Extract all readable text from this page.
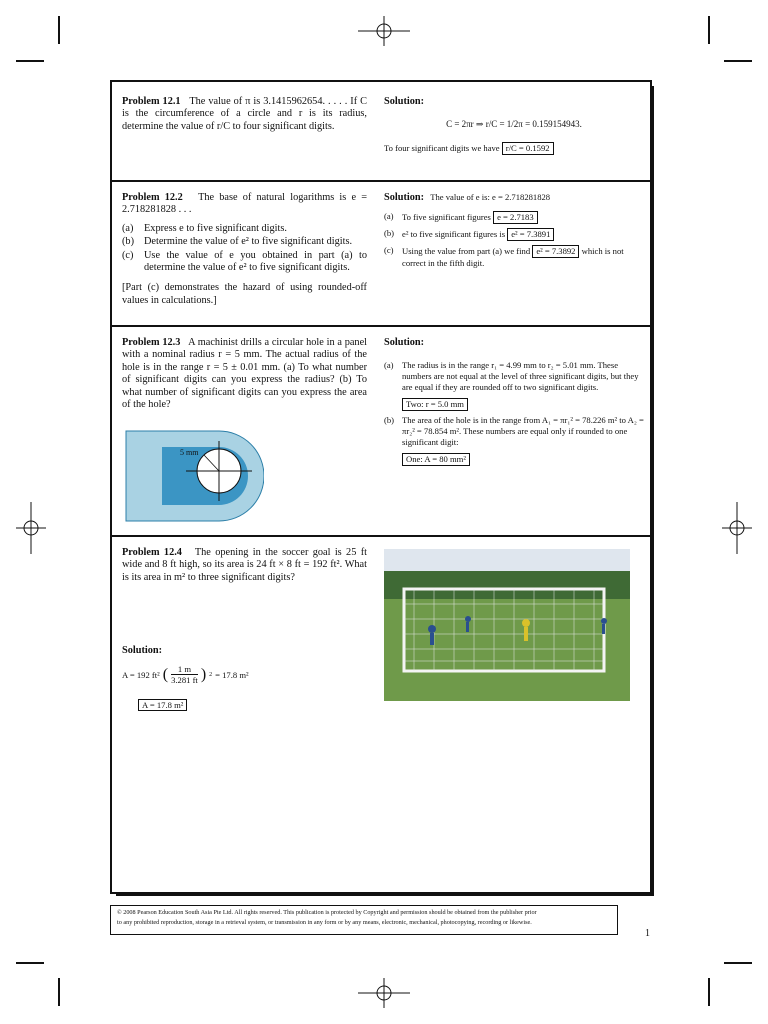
Problem 12.1 The value of π is 3.1415962654. . . . . If C is the circumference of a circle and r is its radius, determine the value of r/C to four significant digits.
Solution:
C = 2πr ⇒ r/C = 1/2π = 0.159154943.
To four significant digits we have r/C = 0.1592
Problem 12.2 The base of natural logarithms is e = 2.718281828 . . .
(a) Express e to five significant digits.
(b) Determine the value of e² to five significant digits.
(c) Use the value of e you obtained in part (a) to determine the value of e² to five significant digits.
[Part (c) demonstrates the hazard of using rounded-off values in calculations.]
Solution: The value of e is: e = 2.718281828
(a) To five significant figures e = 2.7183
(b) e² to five significant figures is e² = 7.3891
(c) Using the value from part (a) we find e² = 7.3892 which is not correct in the fifth digit.
Problem 12.3 A machinist drills a circular hole in a panel with a nominal radius r = 5 mm. The actual radius of the hole is in the range r = 5 ± 0.01 mm. (a) To what number of significant digits can you express the radius? (b) To what number of significant digits can you express the area of the hole?
5 mm
Solution:
(a) The radius is in the range r₁ = 4.99 mm to r₂ = 5.01 mm. These numbers are not equal at the level of three significant digits, but they are equal if they are rounded off to two significant digits.
Two: r = 5.0 mm
(b) The area of the hole is in the range from A₁ = πr₁² = 78.226 m² to A₂ = πr₂² = 78.854 m². These numbers are equal only if rounded to one significant digit:
One: A = 80 mm²
Problem 12.4 The opening in the soccer goal is 25 ft wide and 8 ft high, so its area is 24 ft × 8 ft = 192 ft². What is its area in m² to three significant digits?
Solution:
A = 192 ft² ( 1 m
3.281 ft ) 2 = 17.8 m²
A = 17.8 m²
© 2008 Pearson Education South Asia Pte Ltd. All rights reserved. This publication is protected by Copyright and permission should be obtained from the publisher prior
to any prohibited reproduction, storage in a retrieval system, or transmission in any form or by any means, electronic, mechanical, photocopying, recording or likewise.
1
